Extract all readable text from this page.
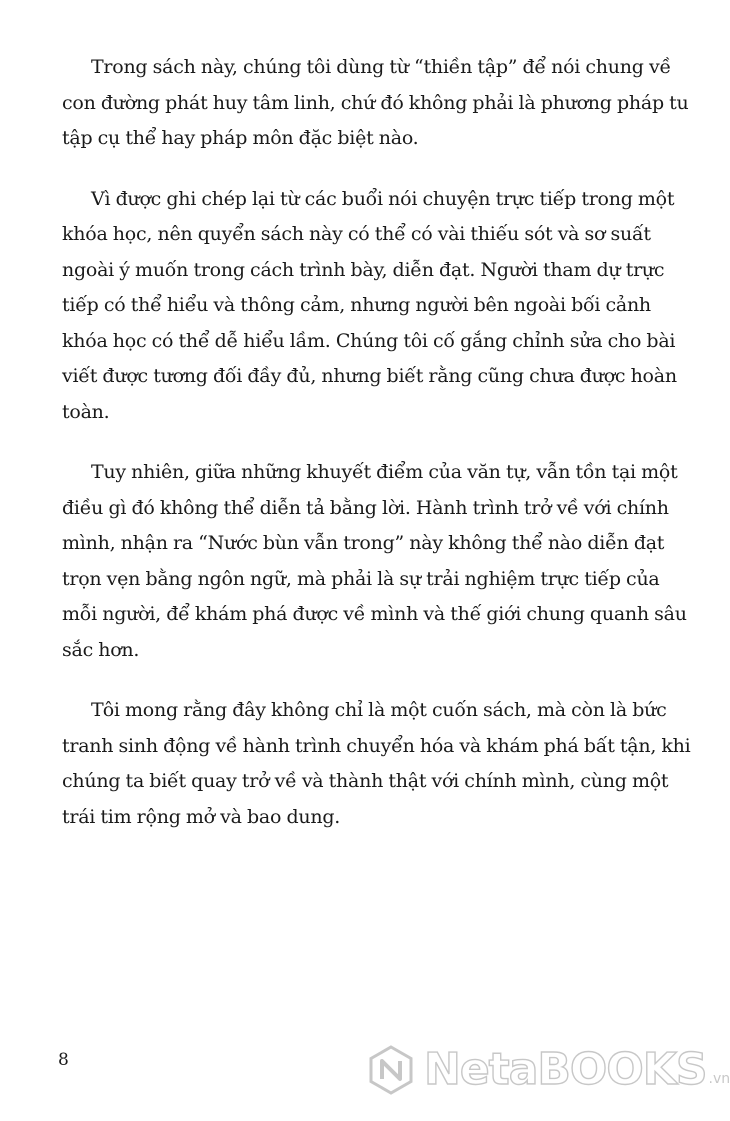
Trong sách này, chúng tôi dùng từ “thiền tập” để nói chung về con đường phát huy tâm linh, chứ đó không phải là phương pháp tu tập cụ thể hay pháp môn đặc biệt nào.

Vì được ghi chép lại từ các buổi nói chuyện trực tiếp trong một khóa học, nên quyển sách này có thể có vài thiếu sót và sơ suất ngoài ý muốn trong cách trình bày, diễn đạt. Người tham dự trực tiếp có thể hiểu và thông cảm, nhưng người bên ngoài bối cảnh khóa học có thể dễ hiểu lầm. Chúng tôi cố gắng chỉnh sửa cho bài viết được tương đối đầy đủ, nhưng biết rằng cũng chưa được hoàn toàn.

Tuy nhiên, giữa những khuyết điểm của văn tự, vẫn tồn tại một điều gì đó không thể diễn tả bằng lời. Hành trình trở về với chính mình, nhận ra “Nước bùn vẫn trong” này không thể nào diễn đạt trọn vẹn bằng ngôn ngữ, mà phải là sự trải nghiệm trực tiếp của mỗi người, để khám phá được về mình và thế giới chung quanh sâu sắc hơn.

Tôi mong rằng đây không chỉ là một cuốn sách, mà còn là bức tranh sinh động về hành trình chuyển hóa và khám phá bất tận, khi chúng ta biết quay trở về và thành thật với chính mình, cùng một trái tim rộng mở và bao dung.

8	NetaBOOKS .vn
